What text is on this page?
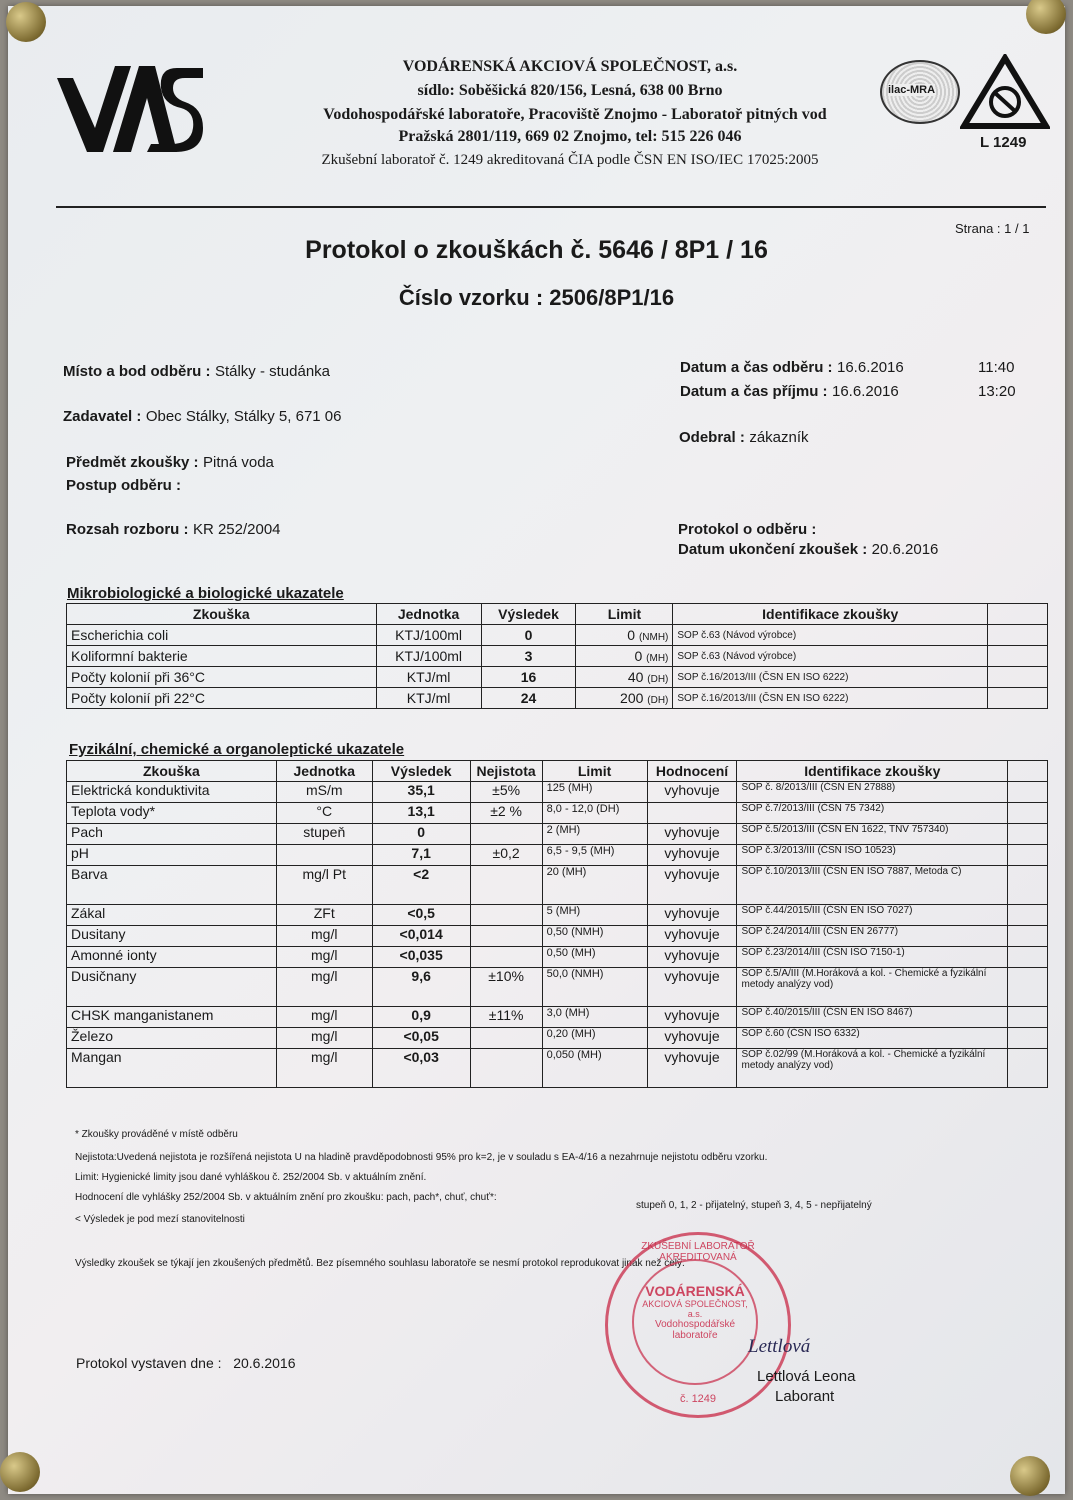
VAS
VODÁRENSKÁ AKCIOVÁ SPOLEČNOST, a.s.
sídlo: Soběšická 820/156, Lesná, 638 00 Brno
Vodohospodářské laboratoře, Pracoviště Znojmo - Laboratoř pitných vod
Pražská 2801/119, 669 02 Znojmo, tel: 515 226 046
Zkušební laboratoř č. 1249 akreditovaná ČIA podle ČSN EN ISO/IEC 17025:2005
ilac-MRA
L 1249
Strana : 1 / 1
Protokol o zkouškách č. 5646 / 8P1 / 16
Číslo vzorku : 2506/8P1/16
Místo a bod odběru : Stálky - studánka
Zadavatel : Obec Stálky, Stálky 5, 671 06
Předmět zkoušky : Pitná voda
Postup odběru :
Rozsah rozboru : KR 252/2004
Datum a čas odběru : 16.6.2016	11:40
Datum a čas příjmu : 16.6.2016	13:20
Odebral : zákazník
Protokol o odběru :
Datum ukončení zkoušek : 20.6.2016
Mikrobiologické a biologické ukazatele
Zkouška	Jednotka	Výsledek	Limit	Identifikace zkoušky	
Escherichia coli	KTJ/100ml	0	0 (NMH)	SOP č.63 (Návod výrobce)	
Koliformní bakterie	KTJ/100ml	3	0 (MH)	SOP č.63 (Návod výrobce)	
Počty kolonií při 36°C	KTJ/ml	16	40 (DH)	SOP č.16/2013/III (ČSN EN ISO 6222)	
Počty kolonií při 22°C	KTJ/ml	24	200 (DH)	SOP č.16/2013/III (ČSN EN ISO 6222)	
Fyzikální, chemické a organoleptické ukazatele
Zkouška	Jednotka	Výsledek	Nejistota	Limit	Hodnocení	Identifikace zkoušky	
Elektrická konduktivita	mS/m	35,1	±5%	125 (MH)	vyhovuje	SOP č. 8/2013/III (ČSN EN 27888)	
Teplota vody*	°C	13,1	±2 %	8,0 - 12,0 (DH)		SOP č.7/2013/III (ČSN 75 7342)	
Pach	stupeň	0		2 (MH)	vyhovuje	SOP č.5/2013/III (ČSN EN 1622, TNV 757340)	
pH		7,1	±0,2	6,5 - 9,5 (MH)	vyhovuje	SOP č.3/2013/III (ČSN ISO 10523)	
Barva	mg/l Pt	<2		20 (MH)	vyhovuje	SOP č.10/2013/III (ČSN EN ISO 7887, Metoda C)	
Zákal	ZFt	<0,5		5 (MH)	vyhovuje	SOP č.44/2015/III (ČSN EN ISO 7027)	
Dusitany	mg/l	<0,014		0,50 (NMH)	vyhovuje	SOP č.24/2014/III (ČSN EN 26777)	
Amonné ionty	mg/l	<0,035		0,50 (MH)	vyhovuje	SOP č.23/2014/III (ČSN ISO 7150-1)	
Dusičnany	mg/l	9,6	±10%	50,0 (NMH)	vyhovuje	SOP č.5/A/III (M.Horáková a kol. - Chemické a fyzikální metody analýzy vod)	
CHSK manganistanem	mg/l	0,9	±11%	3,0 (MH)	vyhovuje	SOP č.40/2015/III (ČSN EN ISO 8467)	
Železo	mg/l	<0,05		0,20 (MH)	vyhovuje	SOP č.60 (ČSN ISO 6332)	
Mangan	mg/l	<0,03		0,050 (MH)	vyhovuje	SOP č.02/99 (M.Horáková a kol. - Chemické a fyzikální metody analýzy vod)	
* Zkoušky prováděné v místě odběru
Nejistota:Uvedená nejistota je rozšířená nejistota U na hladině pravděpodobnosti 95% pro k=2, je v souladu s EA-4/16 a nezahrnuje nejistotu odběru vzorku.
Limit: Hygienické limity jsou dané vyhláškou č. 252/2004 Sb. v aktuálním znění.
Hodnocení dle vyhlášky 252/2004 Sb. v aktuálním znění pro zkoušku: pach, pach*, chuť, chuť*:
stupeň 0, 1, 2 - přijatelný, stupeň 3, 4, 5 - nepřijatelný
< Výsledek je pod mezí stanovitelnosti
Výsledky zkoušek se týkají jen zkoušených předmětů. Bez písemného souhlasu laboratoře se nesmí protokol reprodukovat jinak než celý.
Protokol vystaven dne : 20.6.2016
ZKUŠEBNÍ LABORATOŘ AKREDITOVANÁ
VODÁRENSKÁ
AKCIOVÁ SPOLEČNOST, a.s.
Vodohospodářské
laboratoře
č. 1249
Lettlová
Lettlová Leona
Laborant
